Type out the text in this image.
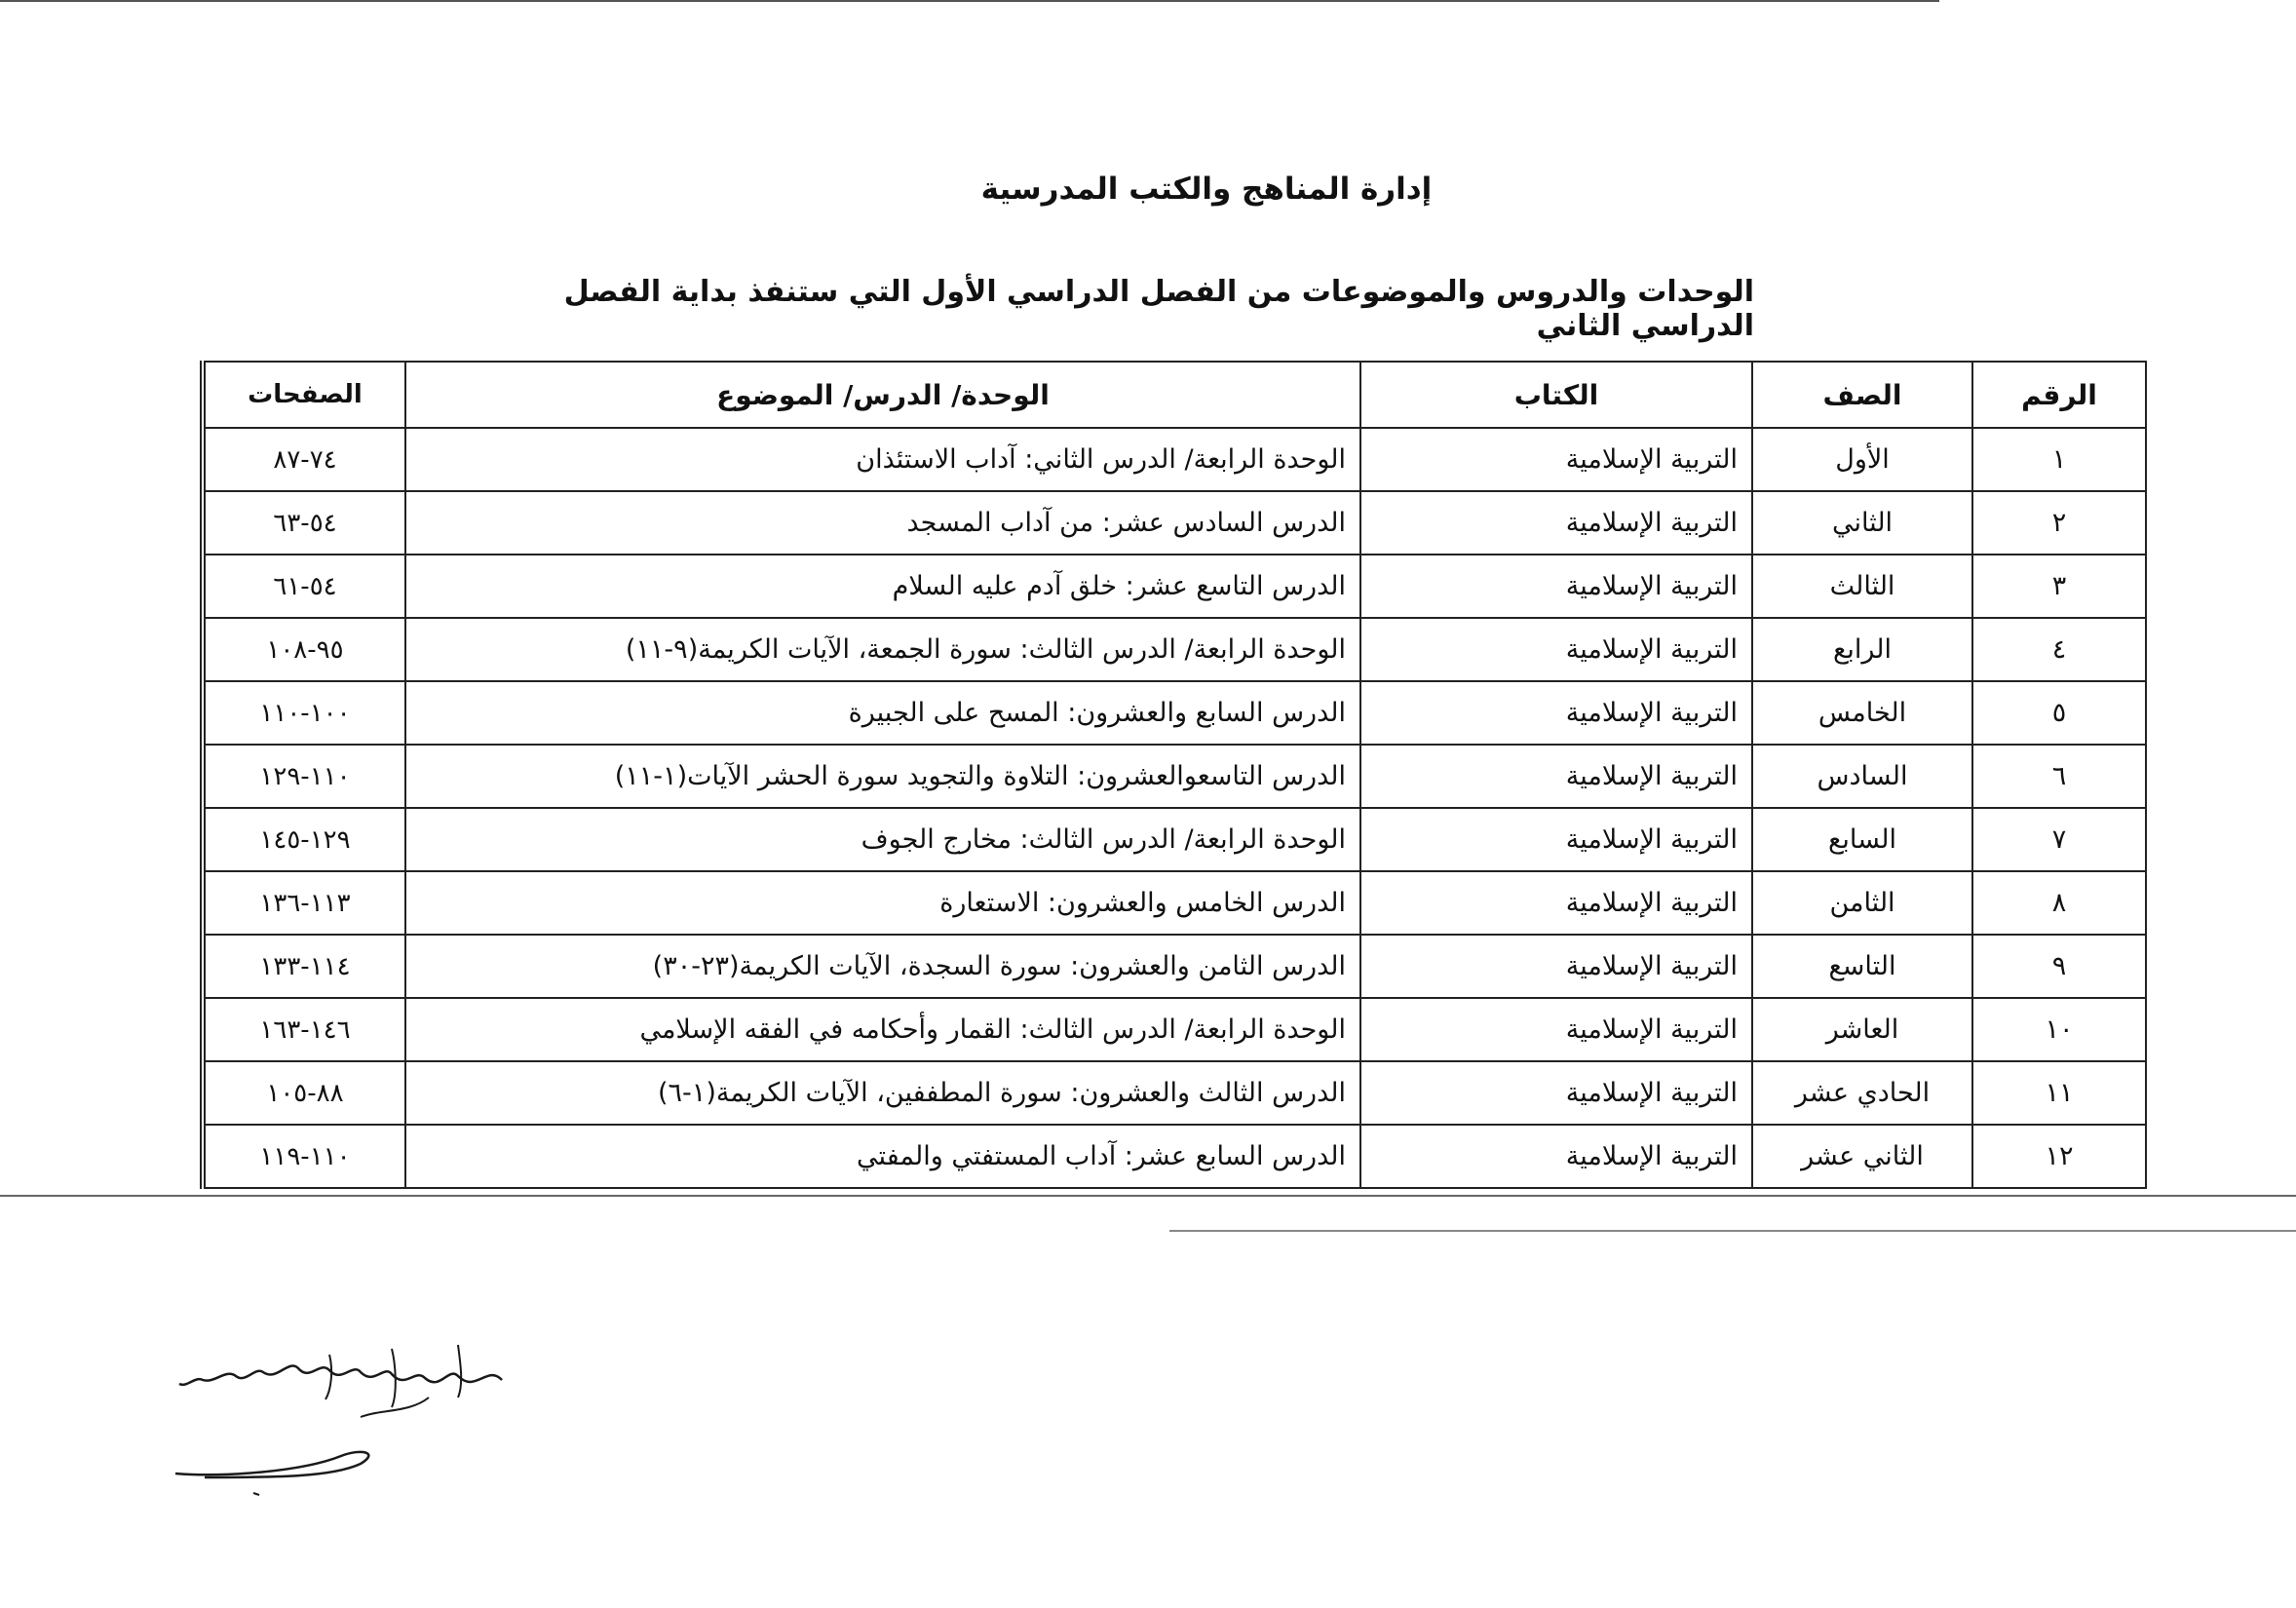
إدارة المناهج والكتب المدرسية
الوحدات والدروس والموضوعات من الفصل الدراسي الأول التي ستنفذ بداية الفصل الدراسي الثاني
الرقم	الصف	الكتاب	الوحدة/ الدرس/ الموضوع	الصفحات
١	الأول	التربية الإسلامية	الوحدة الرابعة/ الدرس الثاني: آداب الاستئذان	٧٤-٨٧
٢	الثاني	التربية الإسلامية	الدرس السادس عشر: من آداب المسجد	٥٤-٦٣
٣	الثالث	التربية الإسلامية	الدرس التاسع عشر: خلق آدم عليه السلام	٥٤-٦١
٤	الرابع	التربية الإسلامية	الوحدة الرابعة/ الدرس الثالث: سورة الجمعة، الآيات الكريمة(٩-١١)	٩٥-١٠٨
٥	الخامس	التربية الإسلامية	الدرس السابع والعشرون: المسح على الجبيرة	١٠٠-١١٠
٦	السادس	التربية الإسلامية	الدرس التاسعوالعشرون: التلاوة والتجويد سورة الحشر الآيات(١-١١)	١١٠-١٢٩
٧	السابع	التربية الإسلامية	الوحدة الرابعة/ الدرس الثالث: مخارج الجوف	١٢٩-١٤٥
٨	الثامن	التربية الإسلامية	الدرس الخامس والعشرون: الاستعارة	١١٣-١٣٦
٩	التاسع	التربية الإسلامية	الدرس الثامن والعشرون: سورة السجدة، الآيات الكريمة(٢٣-٣٠)	١١٤-١٣٣
١٠	العاشر	التربية الإسلامية	الوحدة الرابعة/ الدرس الثالث: القمار وأحكامه في الفقه الإسلامي	١٤٦-١٦٣
١١	الحادي عشر	التربية الإسلامية	الدرس الثالث والعشرون: سورة المطففين، الآيات الكريمة(١-٦)	٨٨-١٠٥
١٢	الثاني عشر	التربية الإسلامية	الدرس السابع عشر: آداب المستفتي والمفتي	١١٠-١١٩
